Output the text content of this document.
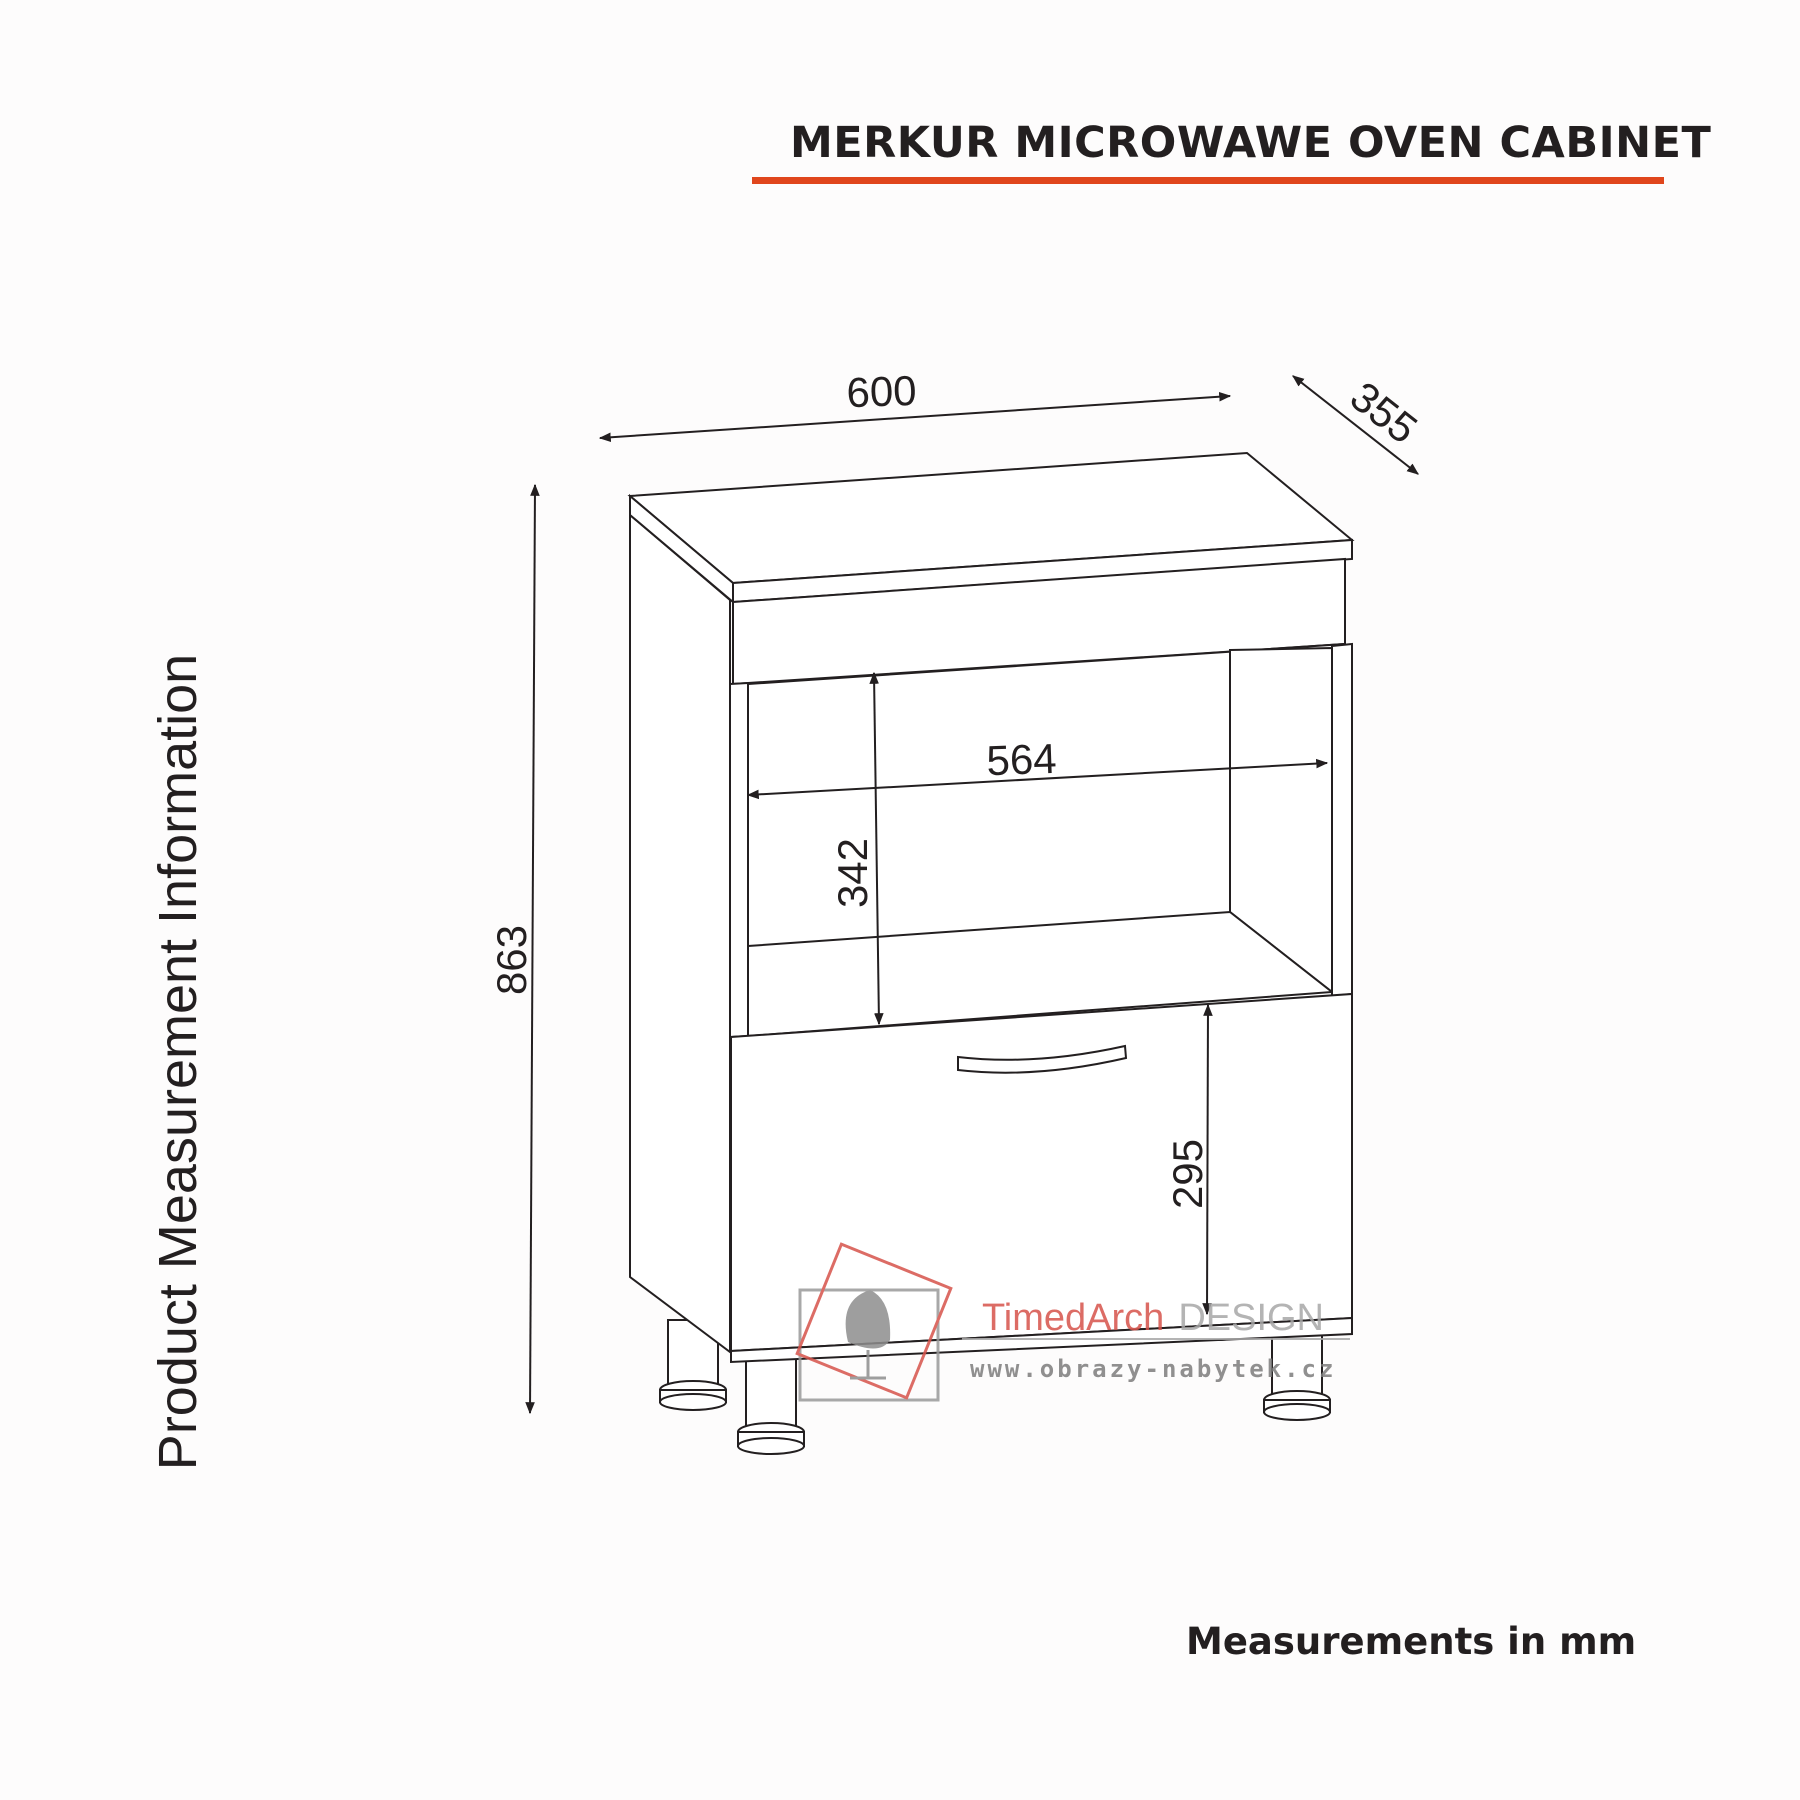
MERKUR MICROWAWE OVEN CABINET
Product Measurement Information
600	355
863
564
342
295
TimedArch DESIGN
www.obrazy-nabytek.cz
Measurements in mm
